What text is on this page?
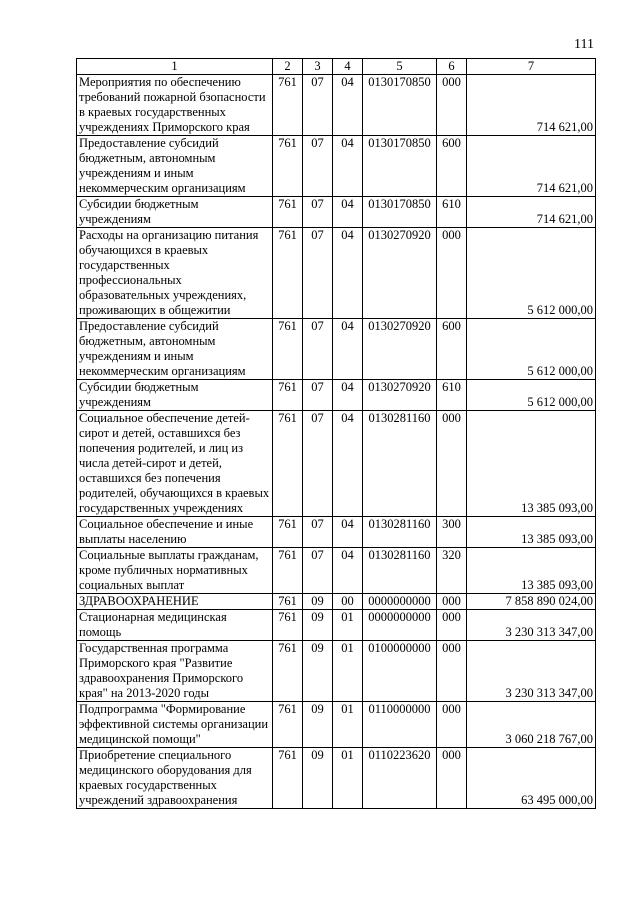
111
1	2	3	4	5	6	7
Мероприятия по обеспечению требований пожарной бзопасности в краевых государственных учреждениях Приморского края	761	07	04	0130170850	000	714 621,00
Предоставление субсидий бюджетным, автономным учреждениям и иным некоммерческим организациям	761	07	04	0130170850	600	714 621,00
Субсидии бюджетным учреждениям	761	07	04	0130170850	610	714 621,00
Расходы на организацию питания обучающихся в краевых государственных профессиональных образовательных учреждениях, проживающих в общежитии	761	07	04	0130270920	000	5 612 000,00
Предоставление субсидий бюджетным, автономным учреждениям и иным некоммерческим организациям	761	07	04	0130270920	600	5 612 000,00
Субсидии бюджетным учреждениям	761	07	04	0130270920	610	5 612 000,00
Социальное обеспечение детей-сирот и детей, оставшихся без попечения родителей, и лиц из числа детей-сирот и детей, оставшихся без попечения родителей, обучающихся в краевых государственных учреждениях	761	07	04	0130281160	000	13 385 093,00
Социальное обеспечение и иные выплаты населению	761	07	04	0130281160	300	13 385 093,00
Социальные выплаты гражданам, кроме публичных нормативных социальных выплат	761	07	04	0130281160	320	13 385 093,00
ЗДРАВООХРАНЕНИЕ	761	09	00	0000000000	000	7 858 890 024,00
Стационарная медицинская помощь	761	09	01	0000000000	000	3 230 313 347,00
Государственная программа Приморского края "Развитие здравоохранения Приморского края" на 2013-2020 годы	761	09	01	0100000000	000	3 230 313 347,00
Подпрограмма "Формирование эффективной системы организации медицинской помощи"	761	09	01	0110000000	000	3 060 218 767,00
Приобретение специального медицинского оборудования для краевых государственных учреждений здравоохранения	761	09	01	0110223620	000	63 495 000,00
